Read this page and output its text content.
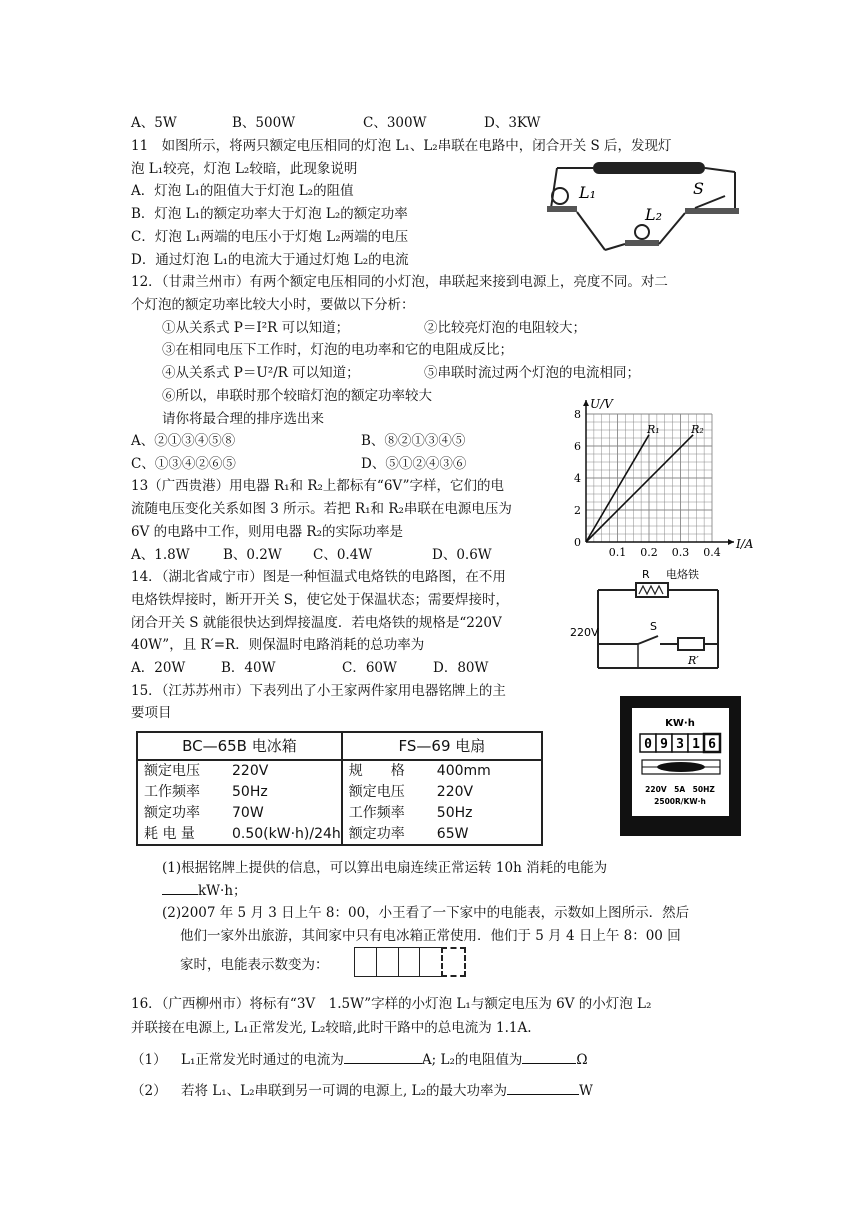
A、5W	B、500W	C、300W	D、3KW
11　如图所示，将两只额定电压相同的灯泡 L₁、L₂串联在电路中，闭合开关 S 后，发现灯
泡 L₁较亮，灯泡 L₂较暗，此现象说明
A．灯泡 L₁的阻值大于灯泡 L₂的阻值
B．灯泡 L₁的额定功率大于灯泡 L₂的额定功率
C．灯泡 L₁两端的电压小于灯炮 L₂两端的电压
D．通过灯泡 L₁的电流大于通过灯炮 L₂的电流
L₁
L₂
S
12．（甘肃兰州市）有两个额定电压相同的小灯泡，串联起来接到电源上，亮度不同。对二
个灯泡的额定功率比较大小时，要做以下分析：
①从关系式 P＝I²R 可以知道；	②比较亮灯泡的电阻较大；
③在相同电压下工作时，灯泡的电功率和它的电阻成反比；
④从关系式 P＝U²/R 可以知道；	⑤串联时流过两个灯泡的电流相同；
⑥所以，串联时那个较暗灯泡的额定功率较大
请你将最合理的排序选出来
A、②①③④⑤⑧	B、⑧②①③④⑤
C、①③④②⑥⑤	D、⑤①②④③⑥
0.1 0.2 0.3 0.4
0
2
4
6
8
I/A
U/V
R₁	R₂
13（广西贵港）用电器 R₁和 R₂上都标有“6V”字样，它们的电
流随电压变化关系如图 3 所示。若把 R₁和 R₂串联在电源电压为
6V 的电路中工作，则用电器 R₂的实际功率是
A、1.8W B、0.2W C、0.4W	D、0.6W
14．（湖北省咸宁市）图是一种恒温式电烙铁的电路图，在不用
电烙铁焊接时，断开开关 S，使它处于保温状态；需要焊接时，
闭合开关 S 就能很快达到焊接温度．若电烙铁的规格是“220V
40W”，且 R′=R．则保温时电路消耗的总功率为
A．20W	B．40W	C．60W	D．80W
R 电烙铁
220V	S
R′
15．（江苏苏州市）下表列出了小王家两件家用电器铭牌上的主
要项目
BC—65B 电冰箱
额定电压	220V
工作频率	50Hz
额定功率	70W
耗 电 量	0.50(kW·h)/24h
FS—69 电扇
规　　格	400mm
额定电压	220V
工作频率	50Hz
额定功率	65W
KW·h
0 9 3 1 6
220V　5A　50HZ
2500R/KW·h
(1)根据铭牌上提供的信息，可以算出电扇连续正常运转 10h 消耗的电能为
kW·h；
(2)2007 年 5 月 3 日上午 8：00，小王看了一下家中的电能表，示数如上图所示．然后
他们一家外出旅游，其间家中只有电冰箱正常使用．他们于 5 月 4 日上午 8：00 回
家时，电能表示数变为：
16．（广西柳州市）将标有“3V　1.5W”字样的小灯泡 L₁与额定电压为 6V 的小灯泡 L₂
并联接在电源上, L₁正常发光, L₂较暗,此时干路中的总电流为 1.1A.
（1） L₁正常发光时通过的电流为	A; L₂的电阻值为	Ω
（2） 若将 L₁、L₂串联到另一可调的电源上, L₂的最大功率为	W
